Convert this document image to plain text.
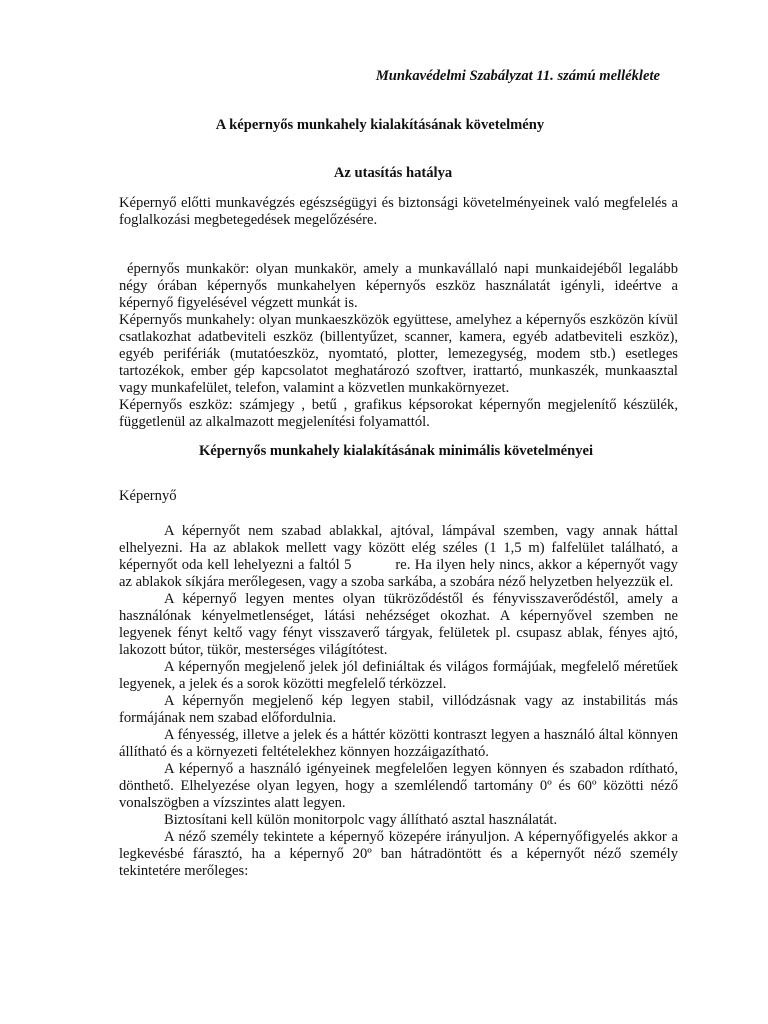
Munkavédelmi Szabályzat 11. számú melléklete
A képernyős munkahely kialakításának követelmény
Az utasítás hatálya

Képernyő előtti munkavégzés egészségügyi és biztonsági követelményeinek való megfelelés a foglalkozási megbetegedések megelőzésére.

épernyős munkakör: olyan munkakör, amely a munkavállaló napi munkaidejéből legalább négy órában képernyős munkahelyen képernyős eszköz használatát igényli, ideértve a képernyő figyelésével végzett munkát is.

Képernyős munkahely: olyan munkaeszközök együttese, amelyhez a képernyős eszközön kívül csatlakozhat adatbeviteli eszköz (billentyűzet, scanner, kamera, egyéb adatbeviteli eszköz), egyéb perifériák (mutatóeszköz, nyomtató, plotter, lemezegység, modem stb.) esetleges tartozékok, ember gép kapcsolatot meghatározó szoftver, irattartó, munkaszék, munkaasztal vagy munkafelület, telefon, valamint a közvetlen munkakörnyezet.

Képernyős eszköz: számjegy , betű , grafikus képsorokat képernyőn megjelenítő készülék, függetlenül az alkalmazott megjelenítési folyamattól.

Képernyős munkahely kialakításának minimális követelményei
Képernyő

A képernyőt nem szabad ablakkal, ajtóval, lámpával szemben, vagy annak háttal elhelyezni. Ha az ablakok mellett vagy között elég széles (1 1,5 m) falfelület található, a képernyőt oda kell lehelyezni a faltól 5	re. Ha ilyen hely nincs, akkor a képernyőt vagy az ablakok síkjára merőlegesen, vagy a szoba sarkába, a szobára néző helyzetben helyezzük el.

A képernyő legyen mentes olyan tükröződéstől és fényvisszaverődéstől, amely a használónak kényelmetlenséget, látási nehézséget okozhat. A képernyővel szemben ne legyenek fényt keltő vagy fényt visszaverő tárgyak, felületek pl. csupasz ablak, fényes ajtó, lakozott bútor, tükör, mesterséges világítótest.

A képernyőn megjelenő jelek jól definiáltak és világos formájúak, megfelelő méretűek legyenek, a jelek és a sorok közötti megfelelő térközzel.

A képernyőn megjelenő kép legyen stabil, villódzásnak vagy az instabilitás más formájának nem szabad előfordulnia.

A fényesség, illetve a jelek és a háttér közötti kontraszt legyen a használó által könnyen állítható és a környezeti feltételekhez könnyen hozzáigazítható.

A képernyő a használó igényeinek megfelelően legyen könnyen és szabadon rdítható, dönthető. Elhelyezése olyan legyen, hogy a szemlélendő tartomány 0º és 60º közötti néző vonalszögben a vízszintes alatt legyen.

Biztosítani kell külön monitorpolc vagy állítható asztal használatát.

A néző személy tekintete a képernyő közepére irányuljon. A képernyőfigyelés akkor a legkevésbé fárasztó, ha a képernyő 20º ban hátradöntött és a képernyőt néző személy tekintetére merőleges:
